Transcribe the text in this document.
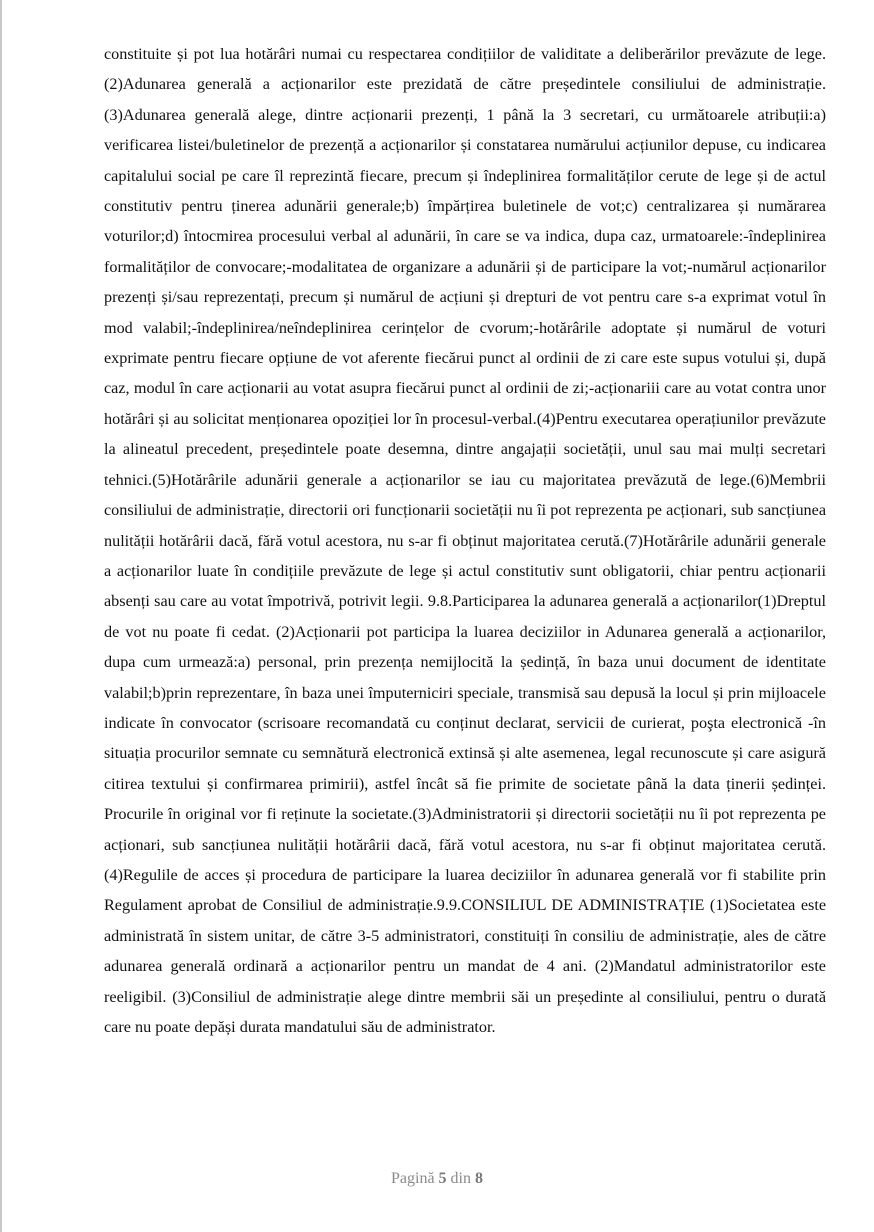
constituite și pot lua hotărâri numai cu respectarea condițiilor de validitate a deliberărilor prevăzute de lege.(2)Adunarea generală a acționarilor este prezidată de către președintele consiliului de administrație. (3)Adunarea generală alege, dintre acționarii prezenți, 1 până la 3 secretari, cu următoarele atribuții:a) verificarea listei/buletinelor de prezență a acționarilor și constatarea numărului acțiunilor depuse, cu indicarea capitalului social pe care îl reprezintă fiecare, precum și îndeplinirea formalităților cerute de lege și de actul constitutiv pentru ținerea adunării generale;b) împărțirea buletinele de vot;c) centralizarea și numărarea voturilor;d) întocmirea procesului verbal al adunării, în care se va indica, dupa caz, urmatoarele:-îndeplinirea formalităților de convocare;-modalitatea de organizare a adunării și de participare la vot;-numărul acționarilor prezenți și/sau reprezentați, precum și numărul de acțiuni și drepturi de vot pentru care s-a exprimat votul în mod valabil;-îndeplinirea/neîndeplinirea cerințelor de cvorum;-hotărârile adoptate și numărul de voturi exprimate pentru fiecare opțiune de vot aferente fiecărui punct al ordinii de zi care este supus votului și, după caz, modul în care acționarii au votat asupra fiecărui punct al ordinii de zi;-acționariii care au votat contra unor hotărâri și au solicitat menționarea opoziției lor în procesul-verbal.(4)Pentru executarea operațiunilor prevăzute la alineatul precedent, președintele poate desemna, dintre angajații societății, unul sau mai mulți secretari tehnici.(5)Hotărârile adunării generale a acționarilor se iau cu majoritatea prevăzută de lege.(6)Membrii consiliului de administrație, directorii ori funcționarii societății nu îi pot reprezenta pe acționari, sub sancțiunea nulității hotărârii dacă, fără votul acestora, nu s-ar fi obținut majoritatea cerută.(7)Hotărârile adunării generale a acționarilor luate în condițiile prevăzute de lege și actul constitutiv sunt obligatorii, chiar pentru acționarii absenți sau care au votat împotrivă, potrivit legii. 9.8.Participarea la adunarea generală a acționarilor(1)Dreptul de vot nu poate fi cedat. (2)Acționarii pot participa la luarea deciziilor in Adunarea generală a acționarilor, dupa cum urmează:a) personal, prin prezența nemijlocită la ședință, în baza unui document de identitate valabil;b)prin reprezentare, în baza unei împuterniciri speciale, transmisă sau depusă la locul și prin mijloacele indicate în convocator (scrisoare recomandată cu conținut declarat, servicii de curierat, poşta electronică -în situația procurilor semnate cu semnătură electronică extinsă și alte asemenea, legal recunoscute și care asigură citirea textului și confirmarea primirii), astfel încât să fie primite de societate până la data ținerii ședinței. Procurile în original vor fi reținute la societate.(3)Administratorii și directorii societății nu îi pot reprezenta pe acționari, sub sancțiunea nulității hotărârii dacă, fără votul acestora, nu s-ar fi obținut majoritatea cerută.(4)Regulile de acces și procedura de participare la luarea deciziilor în adunarea generală vor fi stabilite prin Regulament aprobat de Consiliul de administrație.9.9.CONSILIUL DE ADMINISTRAȚIE (1)Societatea este administrată în sistem unitar, de către 3-5 administratori, constituiți în consiliu de administrație, ales de către adunarea generală ordinară a acționarilor pentru un mandat de 4 ani. (2)Mandatul administratorilor este reeligibil. (3)Consiliul de administrație alege dintre membrii săi un președinte al consiliului, pentru o durată care nu poate depăși durata mandatului său de administrator.

Pagină 5 din 8
